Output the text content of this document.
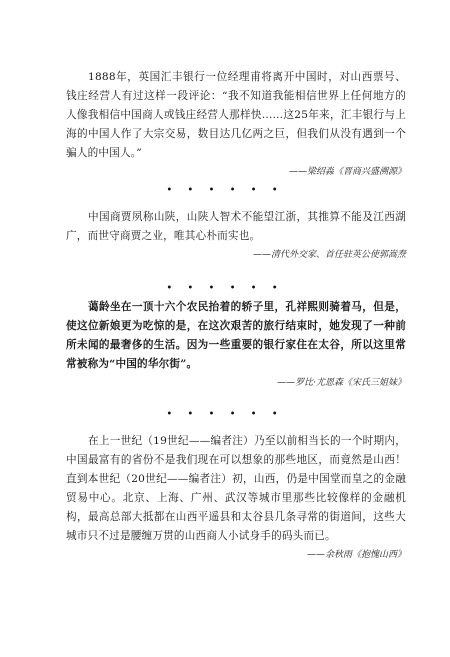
1888年，英国汇丰银行一位经理甫将离开中国时，对山西票号、钱庄经营人有过这样一段评论：“我不知道我能相信世界上任何地方的人像我相信中国商人或钱庄经营人那样快……这25年来，汇丰银行与上海的中国人作了大宗交易，数目达几亿两之巨，但我们从没有遇到一个骗人的中国人。”

——梁绍淼《晋商兴盛溯源》

• • • • • •

中国商贾夙称山陕，山陕人智术不能望江浙，其推算不能及江西湖广，而世守商贾之业，唯其心朴而实也。

——清代外交家、首任驻英公使郭嵩焘

• • • • • •

蔼龄坐在一顶十六个农民抬着的轿子里，孔祥熙则骑着马，但是，使这位新娘更为吃惊的是，在这次艰苦的旅行结束时，她发现了一种前所未闻的最奢侈的生活。因为一些重要的银行家住在太谷，所以这里常常被称为“中国的华尔街”。

——罗比·尤恩森《宋氏三姐妹》

• • • • • •

在上一世纪（19世纪——编者注）乃至以前相当长的一个时期内，中国最富有的省份不是我们现在可以想象的那些地区，而竟然是山西！直到本世纪（20世纪——编者注）初，山西，仍是中国堂而皇之的金融贸易中心。北京、上海、广州、武汉等城市里那些比较像样的金融机构，最高总部大抵都在山西平遥县和太谷县几条寻常的街道间，这些大城市只不过是腰缠万贯的山西商人小试身手的码头而已。

——余秋雨《抱愧山西》
